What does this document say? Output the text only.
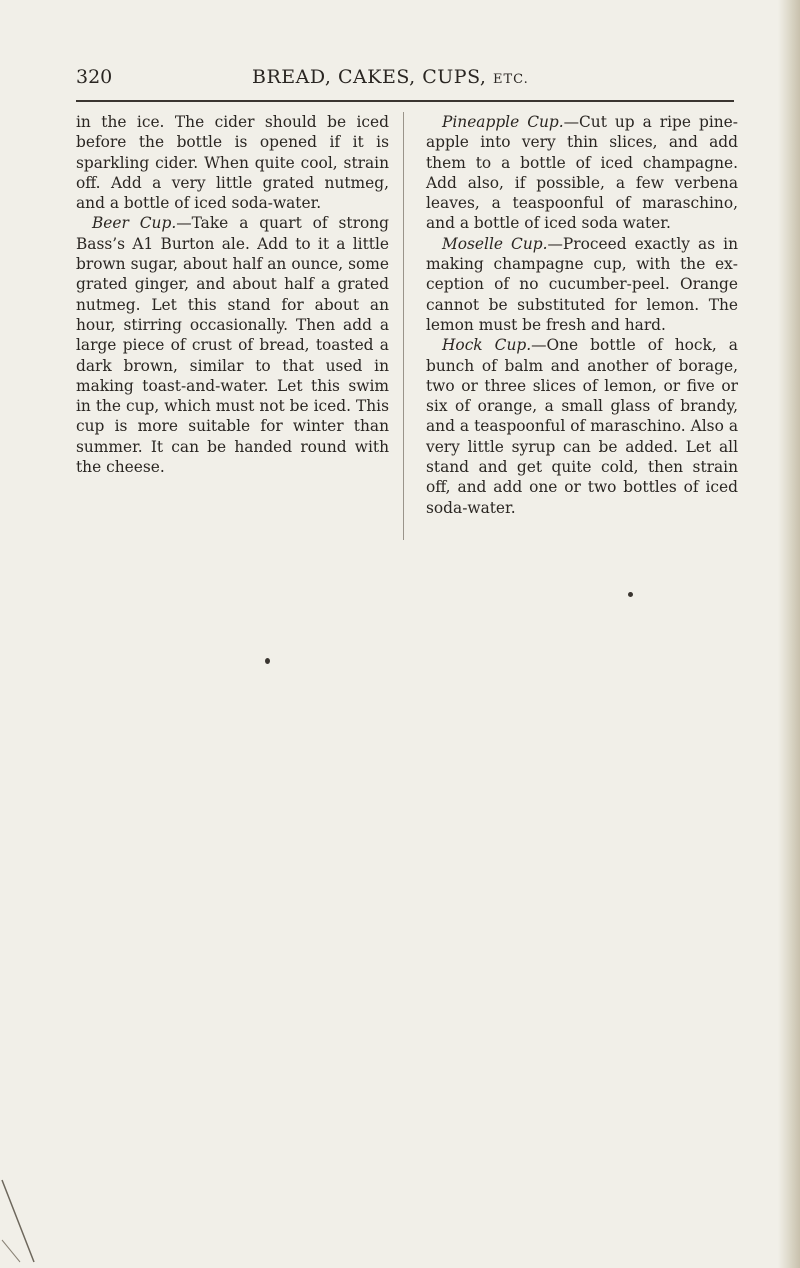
320	BREAD, CAKES, CUPS, ETC.

in the ice. The cider should be iced before the bottle is opened if it is sparkling cider. When quite cool, strain off. Add a very little grated nutmeg, and a bottle of iced soda-water.

Beer Cup.—Take a quart of strong Bass’s A1 Burton ale. Add to it a little brown sugar, about half an ounce, some grated ginger, and about half a grated nutmeg. Let this stand for about an hour, stirring occasionally. Then add a large piece of crust of bread, toasted a dark brown, similar to that used in making toast-and-water. Let this swim in the cup, which must not be iced. This cup is more suitable for winter than summer. It can be handed round with the cheese.

Pineapple Cup.—Cut up a ripe pineapple into very thin slices, and add them to a bottle of iced champagne. Add also, if possible, a few verbena leaves, a teaspoonful of maraschino, and a bottle of iced soda water.

Moselle Cup.—Proceed exactly as in making champagne cup, with the exception of no cucumber-peel. Orange cannot be substituted for lemon. The lemon must be fresh and hard.

Hock Cup.—One bottle of hock, a bunch of balm and another of borage, two or three slices of lemon, or five or six of orange, a small glass of brandy, and a teaspoonful of maraschino. Also a very little syrup can be added. Let all stand and get quite cold, then strain off, and add one or two bottles of iced soda-water.
